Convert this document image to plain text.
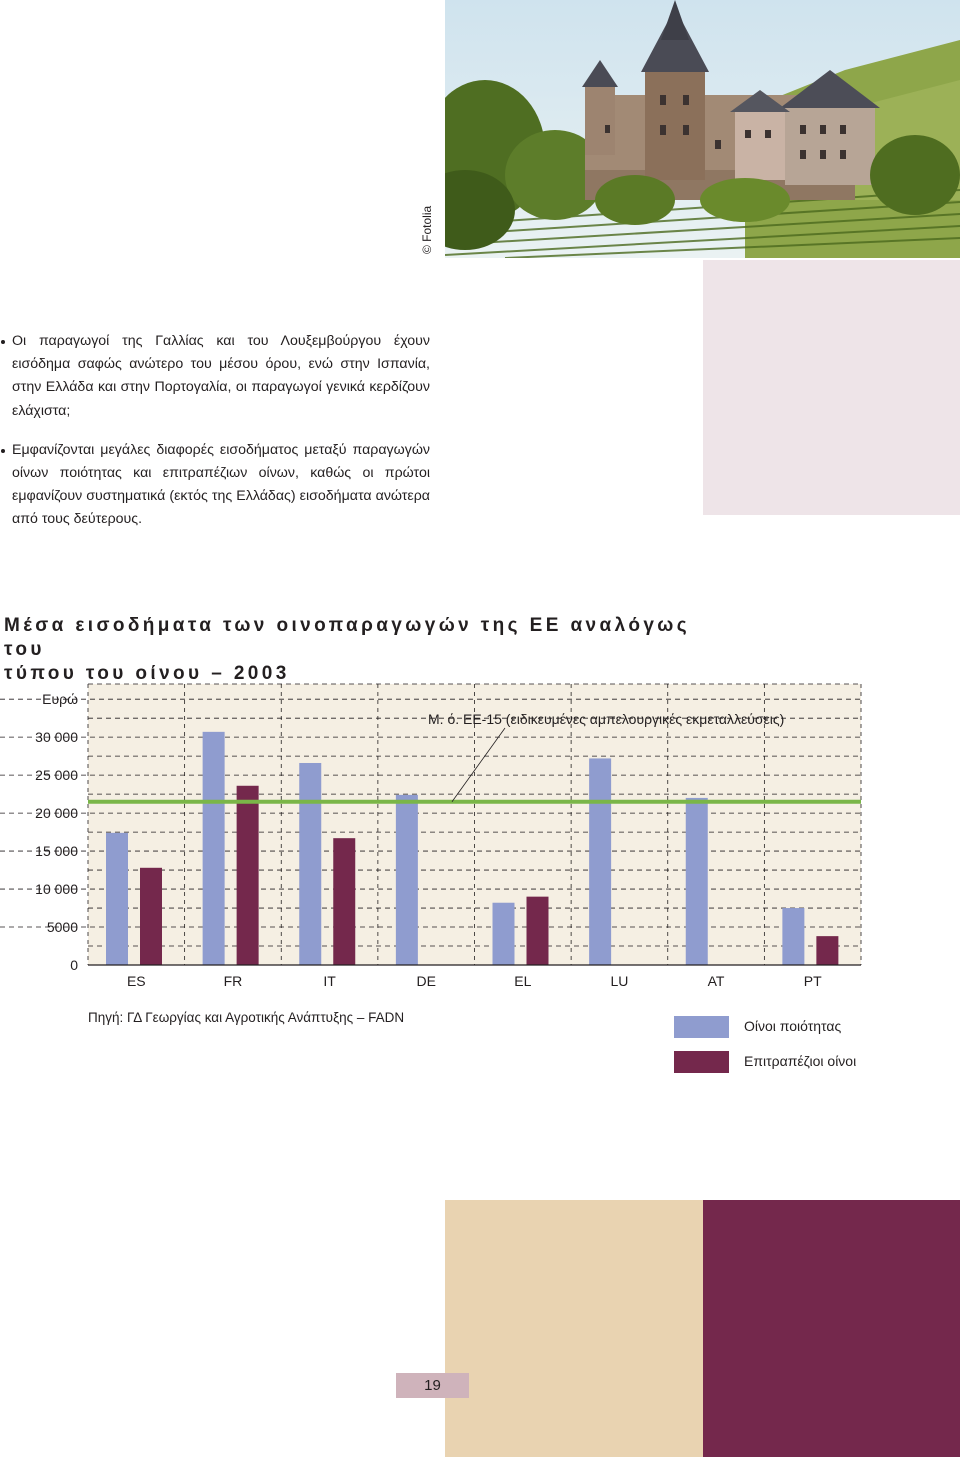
© Fotolia

Οι παραγωγοί της Γαλλίας και του Λουξεμβούργου έχουν εισόδημα σαφώς ανώτερο του μέσου όρου, ενώ στην Ισπανία, στην Ελλάδα και στην Πορτογαλία, οι παραγωγοί γενικά κερδίζουν ελάχιστα;

Εμφανίζονται μεγάλες διαφορές εισοδήματος μεταξύ παραγωγών οίνων ποιότητας και επιτραπέζιων οίνων, καθώς οι πρώτοι εμφανίζουν συστηματικά (εκτός της Ελλάδας) εισοδήματα ανώτερα από τους δεύτερους.

Μέσα εισοδήματα των οινοπαραγωγών της ΕΕ αναλόγως του
τύπου του οίνου – 2003
0
5000
10 000
15 000
20 000
25 000
30 000
Ευρώ
Μ. ό. ΕΕ-15 (ειδικευμένες αμπελουργικές εκμεταλλεύσεις)
ES	FR	IT	DE	EL	LU	AT	PT
Πηγή: ΓΔ Γεωργίας και Αγροτικής Ανάπτυξης – FADN
Οίνοι ποιότητας
Επιτραπέζιοι οίνοι
19
